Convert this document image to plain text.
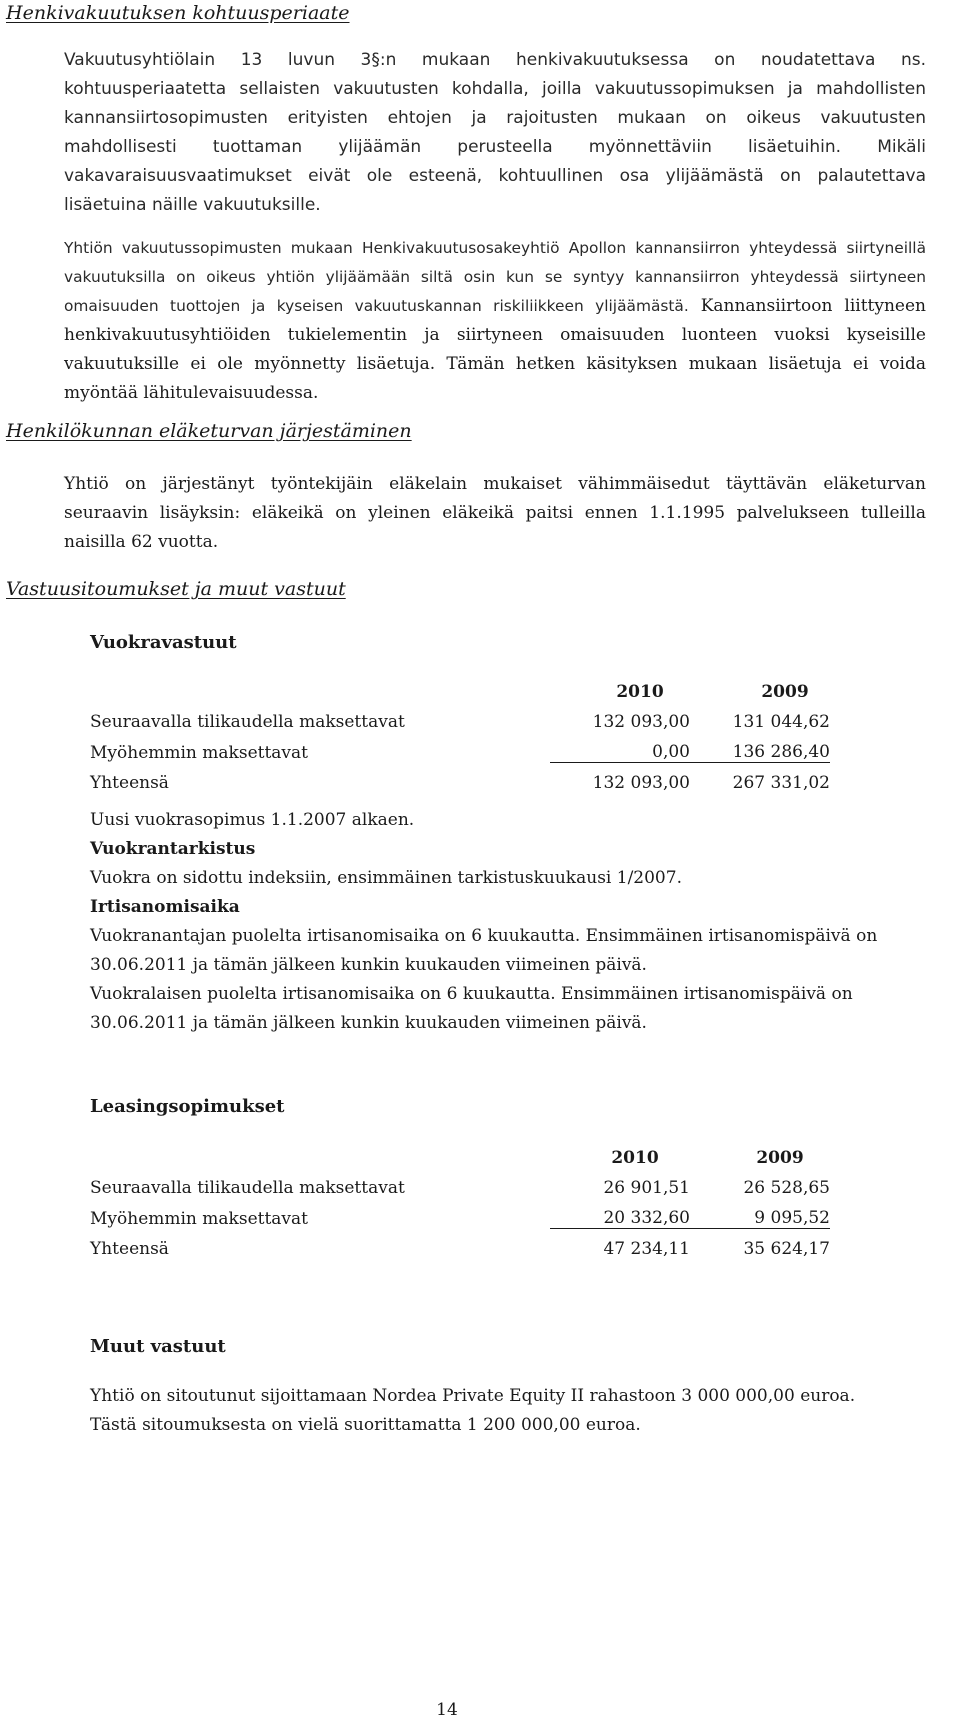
Henkivakuutuksen kohtuusperiaate

Vakuutusyhtiölain 13 luvun 3§:n mukaan henkivakuutuksessa on noudatettava ns. kohtuusperiaatetta sellaisten vakuutusten kohdalla, joilla vakuutussopimuksen ja mahdollisten kannansiirtosopimusten erityisten ehtojen ja rajoitusten mukaan on oikeus vakuutusten mahdollisesti tuottaman ylijäämän perusteella myönnettäviin lisäetuihin. Mikäli vakavaraisuusvaatimukset eivät ole esteenä, kohtuullinen osa ylijäämästä on palautettava lisäetuina näille vakuutuksille.

Yhtiön vakuutussopimusten mukaan Henkivakuutusosakeyhtiö Apollon kannansiirron yhteydessä siirtyneillä vakuutuksilla on oikeus yhtiön ylijäämään siltä osin kun se syntyy kannansiirron yhteydessä siirtyneen omaisuuden tuottojen ja kyseisen vakuutuskannan riskiliikkeen ylijäämästä. Kannansiirtoon liittyneen henkivakuutusyhtiöiden tukielementin ja siirtyneen omaisuuden luonteen vuoksi kyseisille vakuutuksille ei ole myönnetty lisäetuja. Tämän hetken käsityksen mukaan lisäetuja ei voida myöntää lähitulevaisuudessa.

Henkilökunnan eläketurvan järjestäminen

Yhtiö on järjestänyt työntekijäin eläkelain mukaiset vähimmäisedut täyttävän eläketurvan seuraavin lisäyksin: eläkeikä on yleinen eläkeikä paitsi ennen 1.1.1995 palvelukseen tulleilla naisilla 62 vuotta.

Vastuusitoumukset ja muut vastuut
Vuokravastuut
	2010	2009
Seuraavalla tilikaudella maksettavat	132 093,00	131 044,62
Myöhemmin maksettavat	0,00	136 286,40
Yhteensä	132 093,00	267 331,02
Uusi vuokrasopimus 1.1.2007 alkaen.
Vuokrantarkistus
Vuokra on sidottu indeksiin, ensimmäinen tarkistuskuukausi 1/2007.
Irtisanomisaika
Vuokranantajan puolelta irtisanomisaika on 6 kuukautta. Ensimmäinen irtisanomispäivä on 30.06.2011 ja tämän jälkeen kunkin kuukauden viimeinen päivä.
Vuokralaisen puolelta irtisanomisaika on 6 kuukautta. Ensimmäinen irtisanomispäivä on 30.06.2011 ja tämän jälkeen kunkin kuukauden viimeinen päivä.
Leasingsopimukset
	2010	2009
Seuraavalla tilikaudella maksettavat	26 901,51	26 528,65
Myöhemmin maksettavat	20 332,60	9 095,52
Yhteensä	47 234,11	35 624,17
Muut vastuut
Yhtiö on sitoutunut sijoittamaan Nordea Private Equity II rahastoon 3 000 000,00 euroa.
Tästä sitoumuksesta on vielä suorittamatta 1 200 000,00 euroa.
14
